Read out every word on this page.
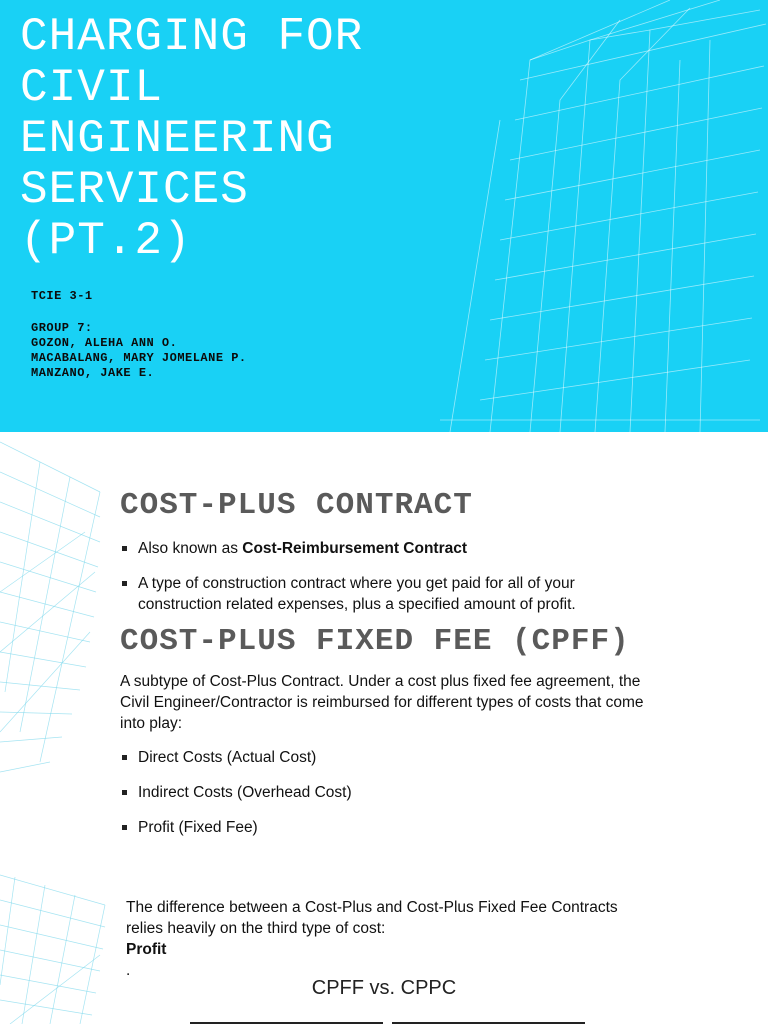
CHARGING FOR
CIVIL
ENGINEERING
SERVICES
(PT.2)
TCIE 3-1
GROUP 7:
GOZON, ALEHA ANN O.
MACABALANG, MARY JOMELANE P.
MANZANO, JAKE E.
COST-PLUS CONTRACT
Also known as Cost-Reimbursement Contract
A type of construction contract where you get paid for all of your
construction related expenses, plus a specified amount of profit.
COST-PLUS FIXED FEE (CPFF)

A subtype of Cost-Plus Contract. Under a cost plus fixed fee agreement, the
Civil Engineer/Contractor is reimbursed for different types of costs that come
into play:

Direct Costs (Actual Cost)
Indirect Costs (Overhead Cost)
Profit (Fixed Fee)

The difference between a Cost-Plus and Cost-Plus Fixed Fee Contracts
relies heavily on the third type of cost:
Profit
.

CPFF vs. CPPC
